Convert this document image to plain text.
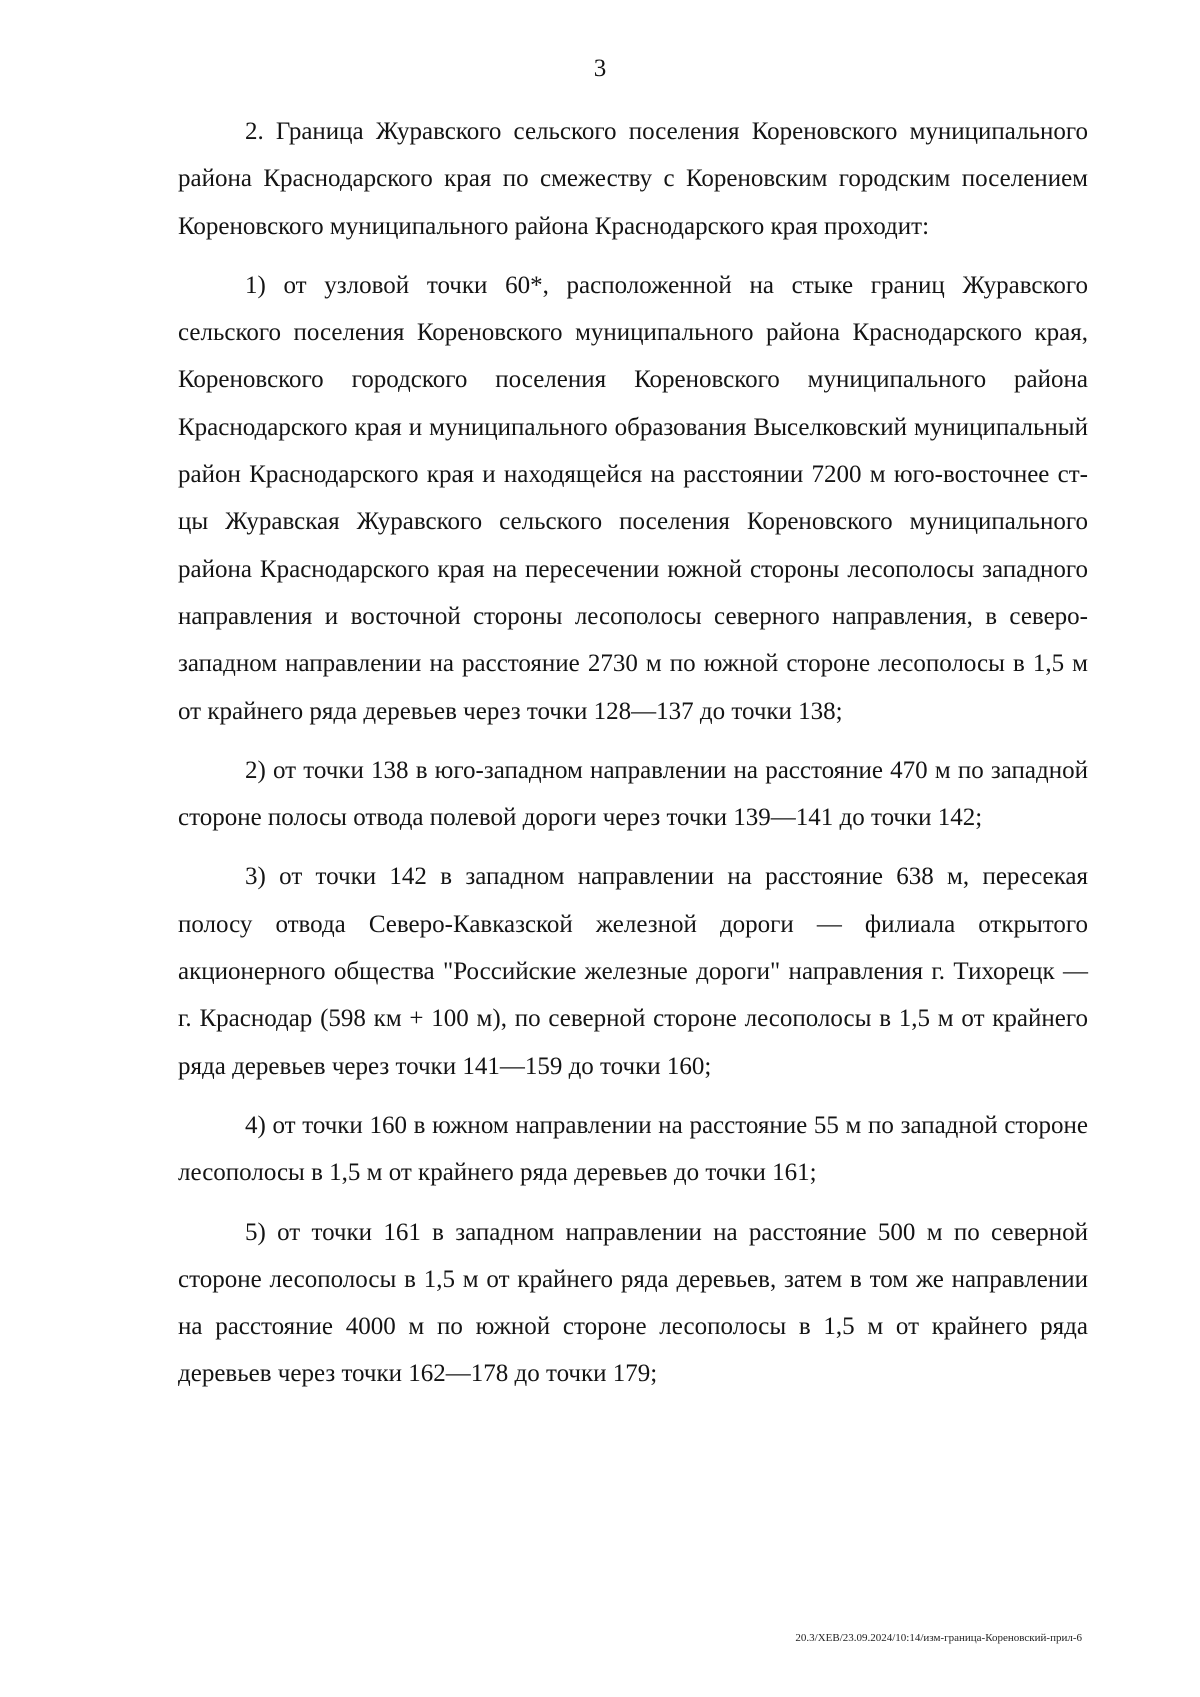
3

2. Граница Журавского сельского поселения Кореновского муниципального района Краснодарского края по смежеству с Кореновским городским поселением Кореновского муниципального района Краснодарского края проходит:

1) от узловой точки 60*, расположенной на стыке границ Журавского сельского поселения Кореновского муниципального района Краснодарского края, Кореновского городского поселения Кореновского муниципального района Краснодарского края и муниципального образования Выселковский муниципальный район Краснодарского края и находящейся на расстоянии 7200 м юго-восточнее ст-цы Журавская Журавского сельского поселения Кореновского муниципального района Краснодарского края на пересечении южной стороны лесополосы западного направления и восточной стороны лесополосы северного направления, в северо-западном направлении на расстояние 2730 м по южной стороне лесополосы в 1,5 м от крайнего ряда деревьев через точки 128—137 до точки 138;

2) от точки 138 в юго-западном направлении на расстояние 470 м по западной стороне полосы отвода полевой дороги через точки 139—141 до точки 142;

3) от точки 142 в западном направлении на расстояние 638 м, пересекая полосу отвода Северо-Кавказской железной дороги — филиала открытого акционерного общества "Российские железные дороги" направления г. Тихорецк — г. Краснодар (598 км + 100 м), по северной стороне лесополосы в 1,5 м от крайнего ряда деревьев через точки 141—159 до точки 160;

4) от точки 160 в южном направлении на расстояние 55 м по западной стороне лесополосы в 1,5 м от крайнего ряда деревьев до точки 161;

5) от точки 161 в западном направлении на расстояние 500 м по северной стороне лесополосы в 1,5 м от крайнего ряда деревьев, затем в том же направлении на расстояние 4000 м по южной стороне лесополосы в 1,5 м от крайнего ряда деревьев через точки 162—178 до точки 179;

20.3/ХЕВ/23.09.2024/10:14/изм-граница-Кореновский-прил-6
